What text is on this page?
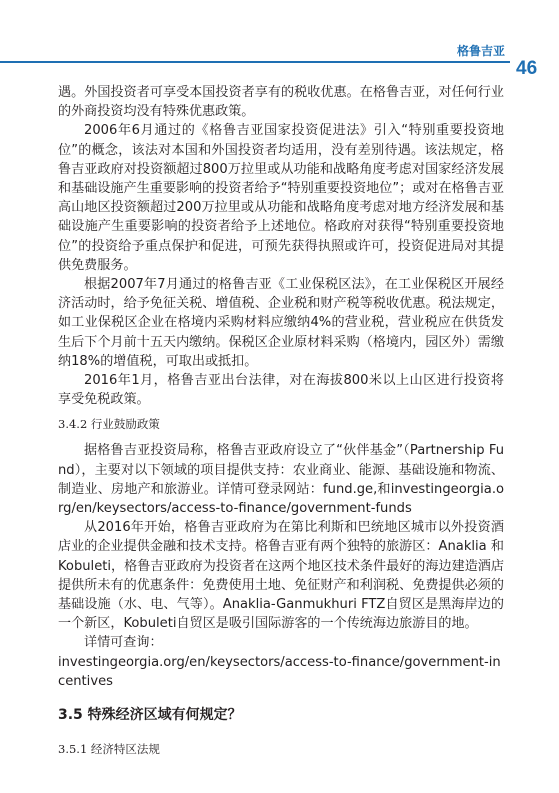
格鲁吉亚
46

遇。外国投资者可享受本国投资者享有的税收优惠。在格鲁吉亚，对任何行业的外商投资均没有特殊优惠政策。

2006年6月通过的《格鲁吉亚国家投资促进法》引入“特别重要投资地位”的概念，该法对本国和外国投资者均适用，没有差别待遇。该法规定，格鲁吉亚政府对投资额超过800万拉里或从功能和战略角度考虑对国家经济发展和基础设施产生重要影响的投资者给予“特别重要投资地位”；或对在格鲁吉亚高山地区投资额超过200万拉里或从功能和战略角度考虑对地方经济发展和基础设施产生重要影响的投资者给予上述地位。格政府对获得“特别重要投资地位”的投资给予重点保护和促进，可预先获得执照或许可，投资促进局对其提供免费服务。

根据2007年7月通过的格鲁吉亚《工业保税区法》，在工业保税区开展经济活动时，给予免征关税、增值税、企业税和财产税等税收优惠。税法规定，如工业保税区企业在格境内采购材料应缴纳4%的营业税，营业税应在供货发生后下个月前十五天内缴纳。保税区企业原材料采购（格境内，园区外）需缴纳18%的增值税，可取出或抵扣。

2016年1月，格鲁吉亚出台法律，对在海拔800米以上山区进行投资将享受免税政策。

3.4.2 行业鼓励政策

据格鲁吉亚投资局称，格鲁吉亚政府设立了“伙伴基金”（Partnership Fund），主要对以下领域的项目提供支持：农业商业、能源、基础设施和物流、制造业、房地产和旅游业。详情可登录网站：fund.ge,和investingeorgia.org/en/keysectors/access-to-finance/government-funds

从2016年开始，格鲁吉亚政府为在第比利斯和巴统地区城市以外投资酒店业的企业提供金融和技术支持。格鲁吉亚有两个独特的旅游区：Anaklia 和 Kobuleti，格鲁吉亚政府为投资者在这两个地区技术条件最好的海边建造酒店提供所未有的优惠条件：免费使用土地、免征财产和利润税、免费提供必须的基础设施（水、电、气等）。Anaklia-Ganmukhuri FTZ自贸区是黑海岸边的一个新区，Kobuleti自贸区是吸引国际游客的一个传统海边旅游目的地。

详情可查询：

investingeorgia.org/en/keysectors/access-to-finance/government-incentives

3.5 特殊经济区域有何规定？
3.5.1 经济特区法规
